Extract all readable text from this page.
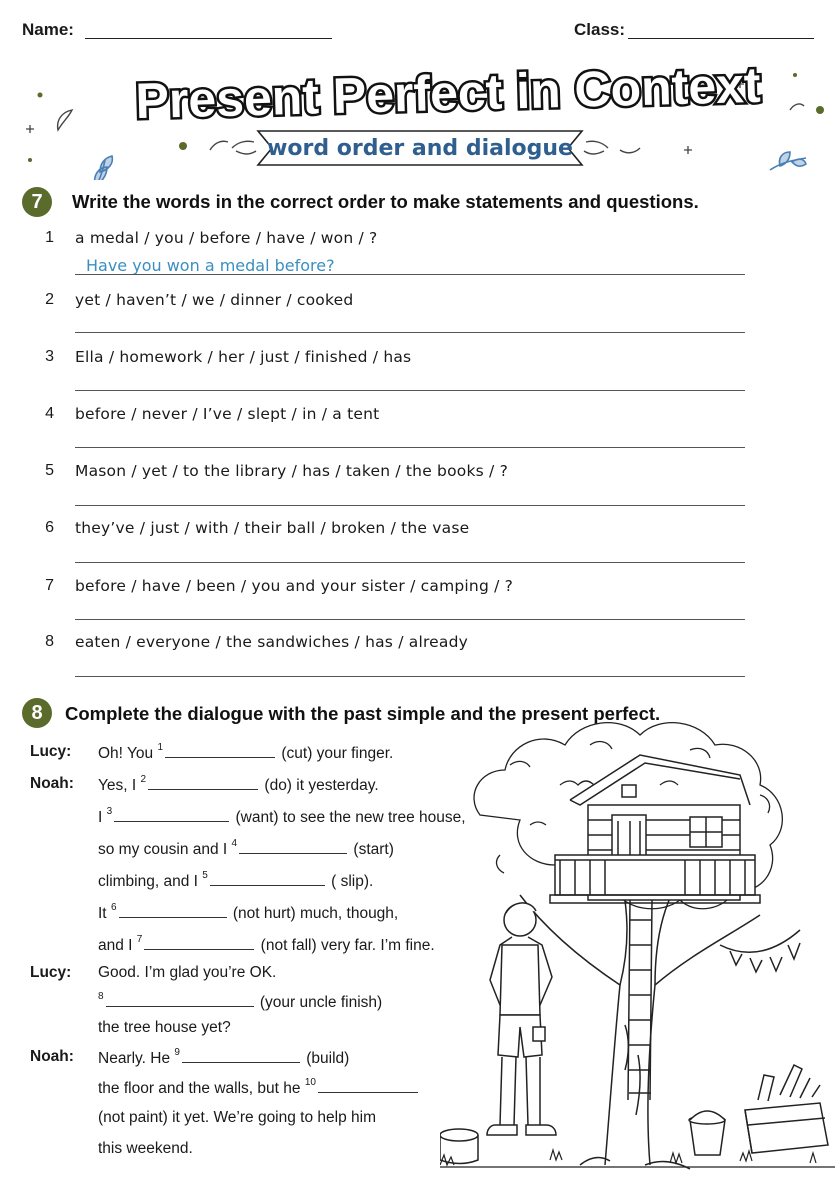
Name:	Class:
Present Perfect in Context
word order and dialogue
7	Write the words in the correct order to make statements and questions.
1 a medal / you / before / have / won / ?
Have you won a medal before?
2 yet / haven’t / we / dinner / cooked
3 Ella / homework / her / just / finished / has
4 before / never / I’ve / slept / in / a tent
5 Mason / yet / to the library / has / taken / the books / ?
6 they’ve / just / with / their ball / broken / the vase
7 before / have / been / you and your sister / camping / ?
8 eaten / everyone / the sandwiches / has / already
8	Complete the dialogue with the past simple and the present perfect.
Lucy: Oh! You $^1$	(cut) your finger.
Noah: Yes, I $^2$	(do) it yesterday.
I $^3$	(want) to see the new tree house,
so my cousin and I $^4$	(start)
climbing, and I $^5$	( slip).
It $^6$	(not hurt) much, though,
and I $^7$	(not fall) very far. I’m fine.
Lucy: Good. I’m glad you’re OK.
$^8$	(your uncle finish)
the tree house yet?
Noah: Nearly. He $^9$	(build)
the floor and the walls, but he $^{10}$
(not paint) it yet. We’re going to help him
this weekend.
